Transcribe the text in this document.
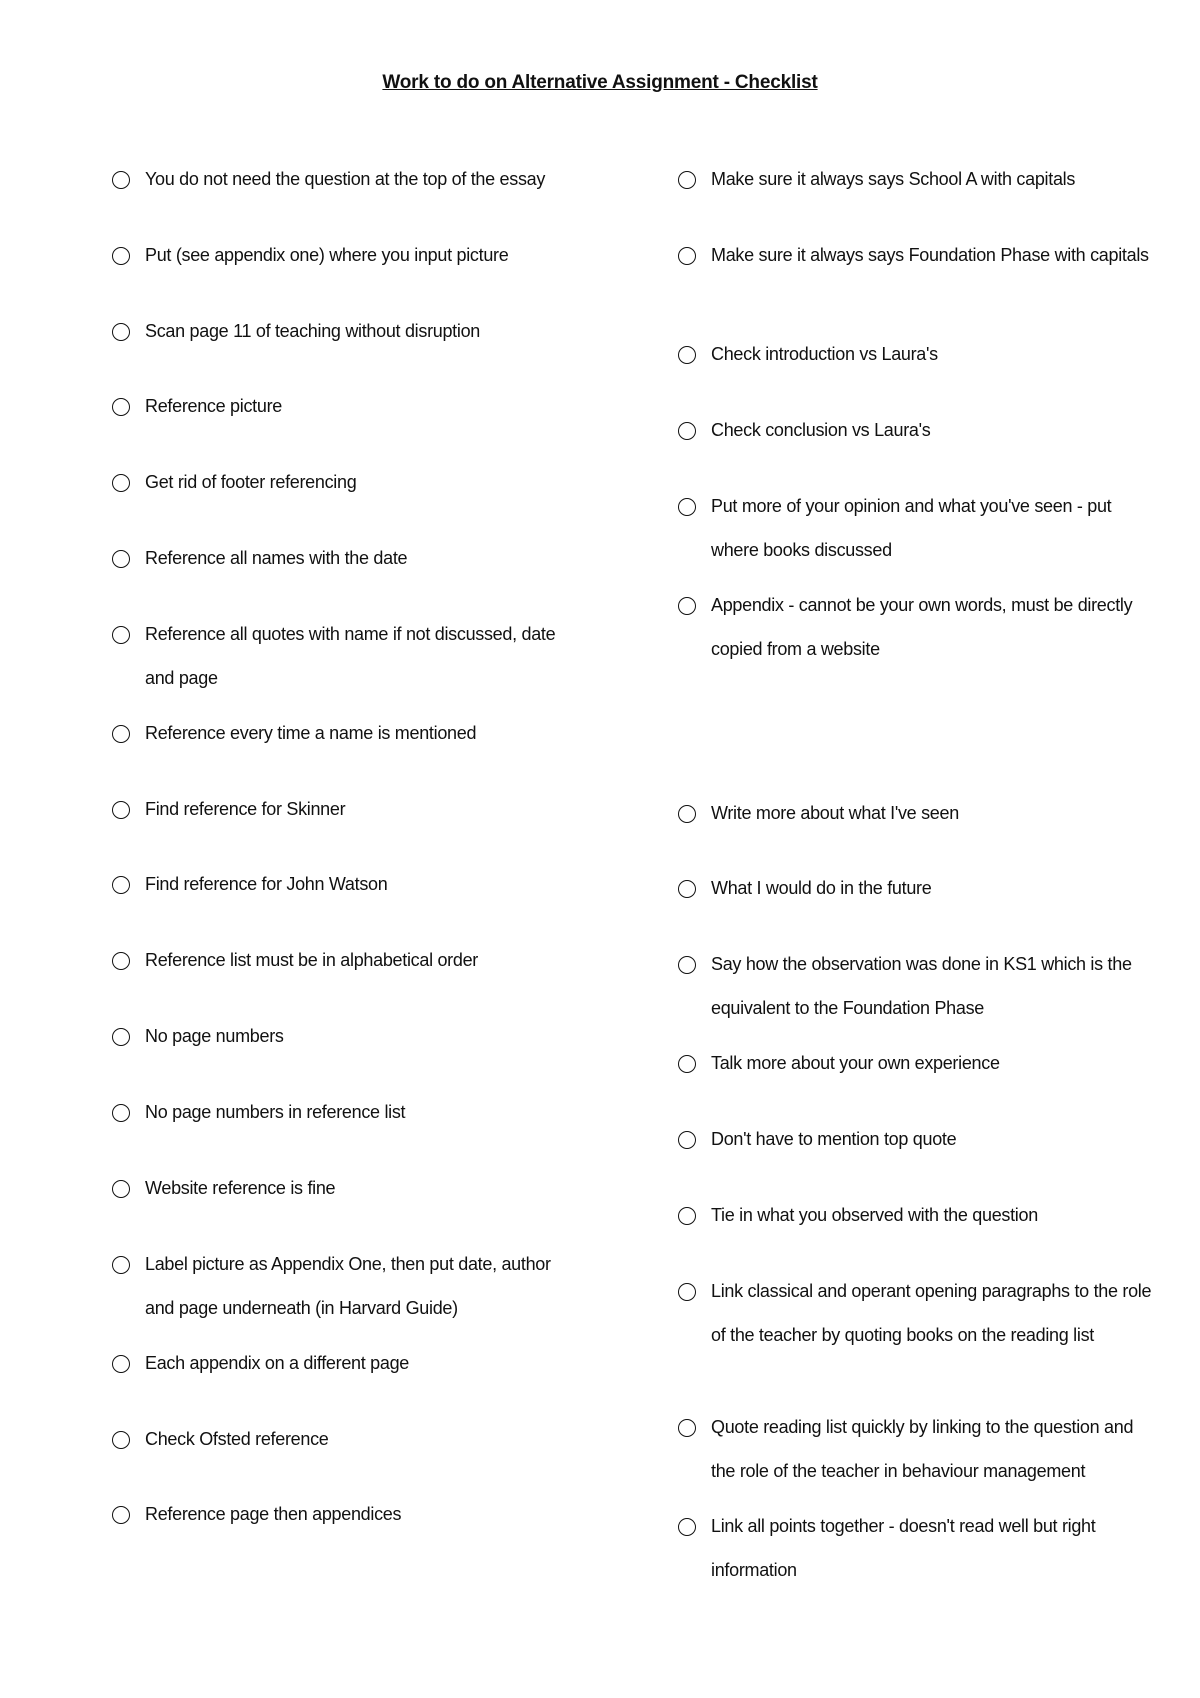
Work to do on Alternative Assignment - Checklist
You do not need the question at the top of the essay
Put (see appendix one) where you input picture
Scan page 11 of teaching without disruption
Reference picture
Get rid of footer referencing
Reference all names with the date
Reference all quotes with name if not discussed, date and page
Reference every time a name is mentioned
Find reference for Skinner
Find reference for John Watson
Reference list must be in alphabetical order
No page numbers
No page numbers in reference list
Website reference is fine
Label picture as Appendix One, then put date, author and page underneath (in Harvard Guide)
Each appendix on a different page
Check Ofsted reference
Reference page then appendices
Make sure it always says School A with capitals
Make sure it always says Foundation Phase with capitals
Check introduction vs Laura's
Check conclusion vs Laura's
Put more of your opinion and what you've seen - put where books discussed
Appendix - cannot be your own words, must be directly copied from a website
Write more about what I've seen
What I would do in the future
Say how the observation was done in KS1 which is the equivalent to the Foundation Phase
Talk more about your own experience
Don't have to mention top quote
Tie in what you observed with the question
Link classical and operant opening paragraphs to the role of the teacher by quoting books on the reading list
Quote reading list quickly by linking to the question and the role of the teacher in behaviour management
Link all points together - doesn't read well but right information
